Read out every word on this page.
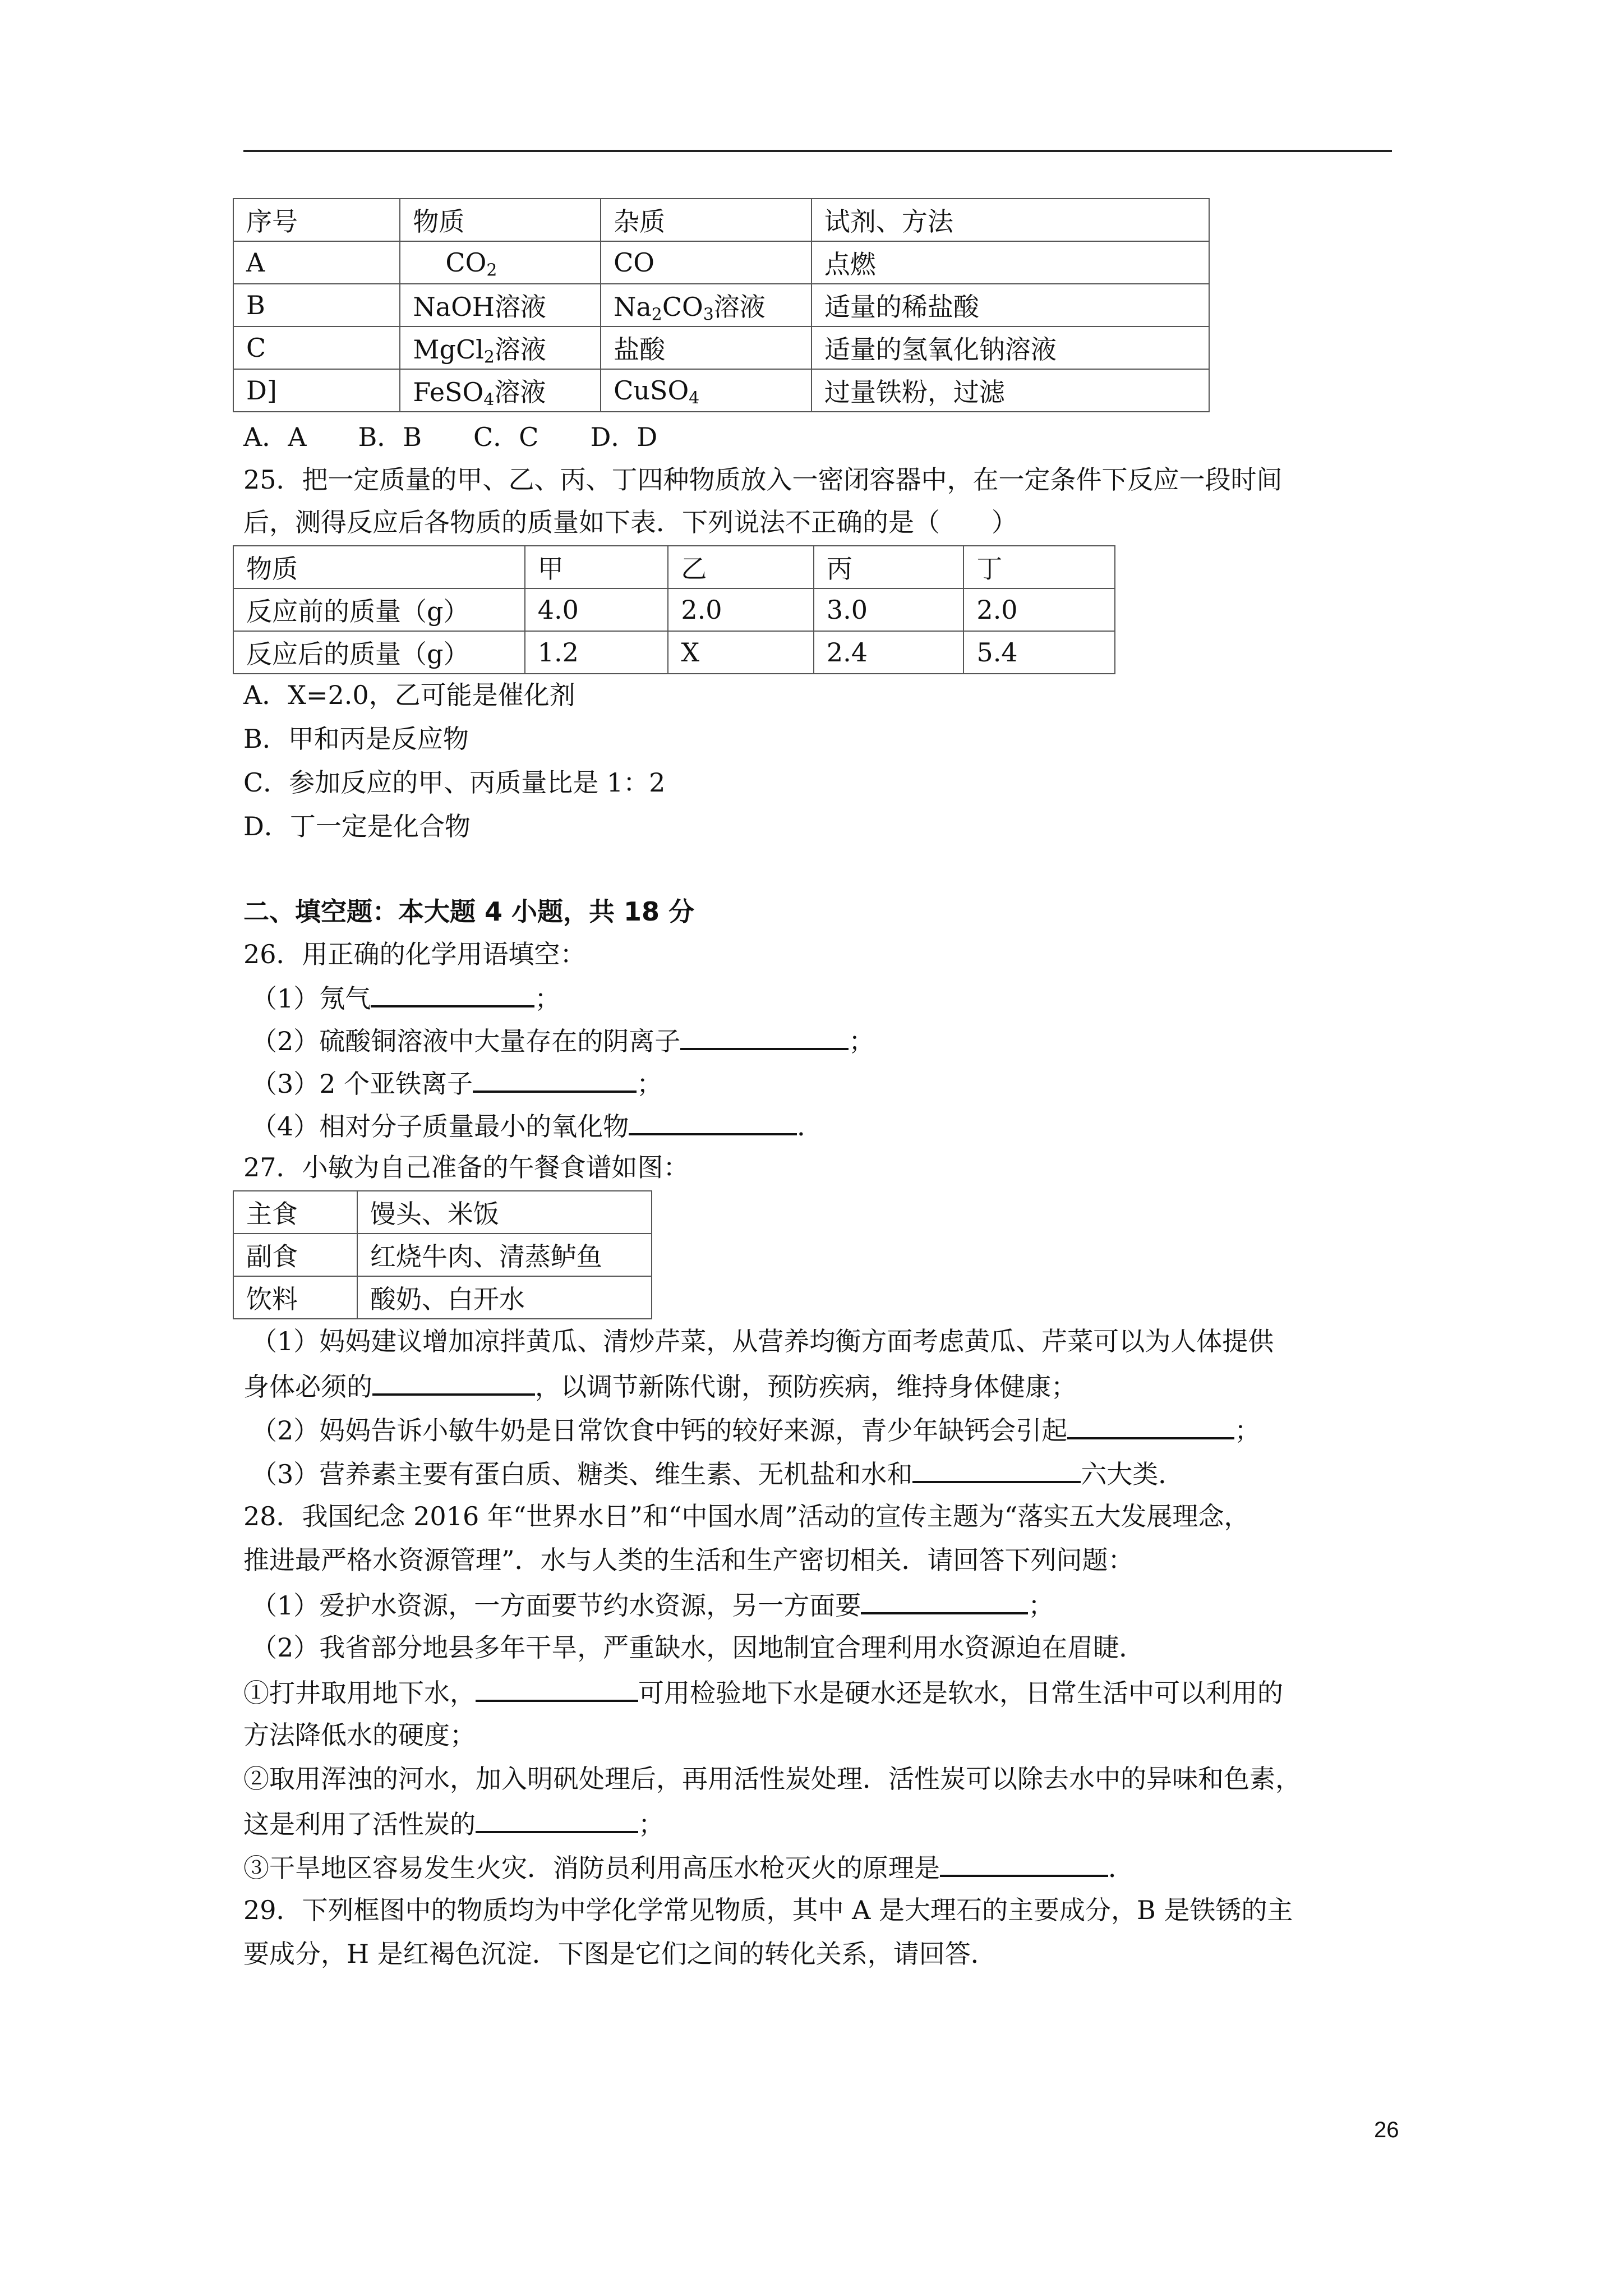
序号	物质	杂质	试剂、方法
A	$CO_2$	CO	点燃
B	NaOH溶液	$Na_2CO_3$溶液	适量的稀盐酸
C	MgCl$_2$溶液	盐酸	适量的氢氧化钠溶液
D]	FeSO$_4$溶液	CuSO$_4$	过量铁粉，过滤
A．A　　B．B　　C．C　　D．D
25．把一定质量的甲、乙、丙、丁四种物质放入一密闭容器中，在一定条件下反应一段时间
后，测得反应后各物质的质量如下表．下列说法不正确的是（　　）
物质	甲	乙	丙	丁
反应前的质量（g）	4.0	2.0	3.0	2.0
反应后的质量（g）	1.2	X	2.4	5.4
A．X=2.0，乙可能是催化剂
B．甲和丙是反应物
C．参加反应的甲、丙质量比是 1：2
D．丁一定是化合物
二、填空题：本大题 4 小题，共 18 分
26．用正确的化学用语填空：
（1）氖气	；
（2）硫酸铜溶液中大量存在的阴离子	；
（3）2 个亚铁离子	；
（4）相对分子质量最小的氧化物	．
27．小敏为自己准备的午餐食谱如图：
主食	馒头、米饭
副食	红烧牛肉、清蒸鲈鱼
饮料	酸奶、白开水
（1）妈妈建议增加凉拌黄瓜、清炒芹菜，从营养均衡方面考虑黄瓜、芹菜可以为人体提供
身体必须的	，以调节新陈代谢，预防疾病，维持身体健康；
（2）妈妈告诉小敏牛奶是日常饮食中钙的较好来源，青少年缺钙会引起	；
（3）营养素主要有蛋白质、糖类、维生素、无机盐和水和	六大类．
28．我国纪念 2016 年“世界水日”和“中国水周”活动的宣传主题为“落实五大发展理念，
推进最严格水资源管理”．水与人类的生活和生产密切相关．请回答下列问题：
（1）爱护水资源，一方面要节约水资源，另一方面要	；
（2）我省部分地县多年干旱，严重缺水，因地制宜合理利用水资源迫在眉睫．
①打井取用地下水，	可用检验地下水是硬水还是软水，日常生活中可以利用的
方法降低水的硬度；
②取用浑浊的河水，加入明矾处理后，再用活性炭处理．活性炭可以除去水中的异味和色素，
这是利用了活性炭的	；
③干旱地区容易发生火灾．消防员利用高压水枪灭火的原理是	．
29．下列框图中的物质均为中学化学常见物质，其中 A 是大理石的主要成分，B 是铁锈的主
要成分，H 是红褐色沉淀．下图是它们之间的转化关系，请回答．
26
